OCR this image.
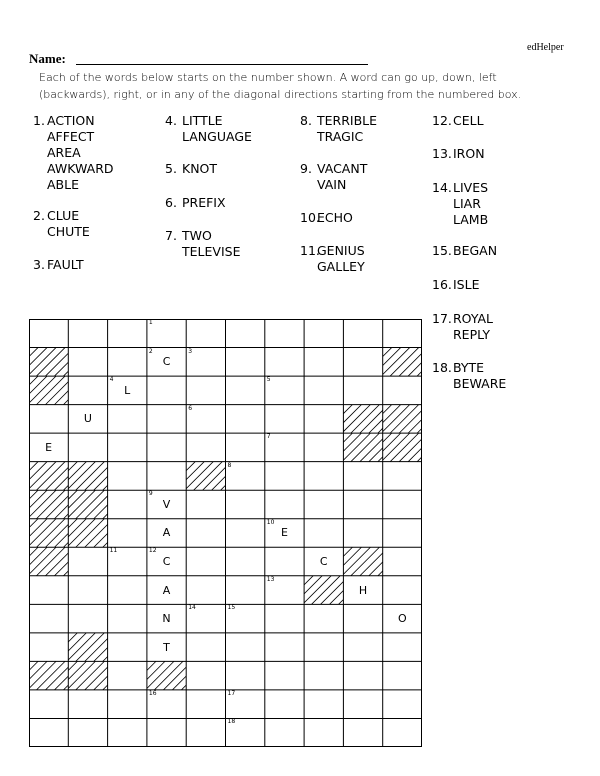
edHelper
Name:
Each of the words below starts on the number shown. A word can go up, down, left
(backwards), right, or in any of the diagonal directions starting from the numbered box.
1. ACTION
AFFECT
AREA
AWKWARD
ABLE
2. CLUE
CHUTE
3. FAULT
4. LITTLE
LANGUAGE
5. KNOT
6. PREFIX
7. TWO
TELEVISE
8. TERRIBLE
TRAGIC
9. VACANT
VAIN
10.
ECHO
11.
GENIUS
GALLEY
12. CELL
13. IRON
14. LIVES
LIAR
LAMB
15. BEGAN
16. ISLE
17. ROYAL
REPLY
18. BYTE
BEWARE
1
2
C
3
4
L
5
U
6
E
7
8
9
V
A
10
E
11	12
C	C
A
13
H
N
14	15
O
T
16	17
18
